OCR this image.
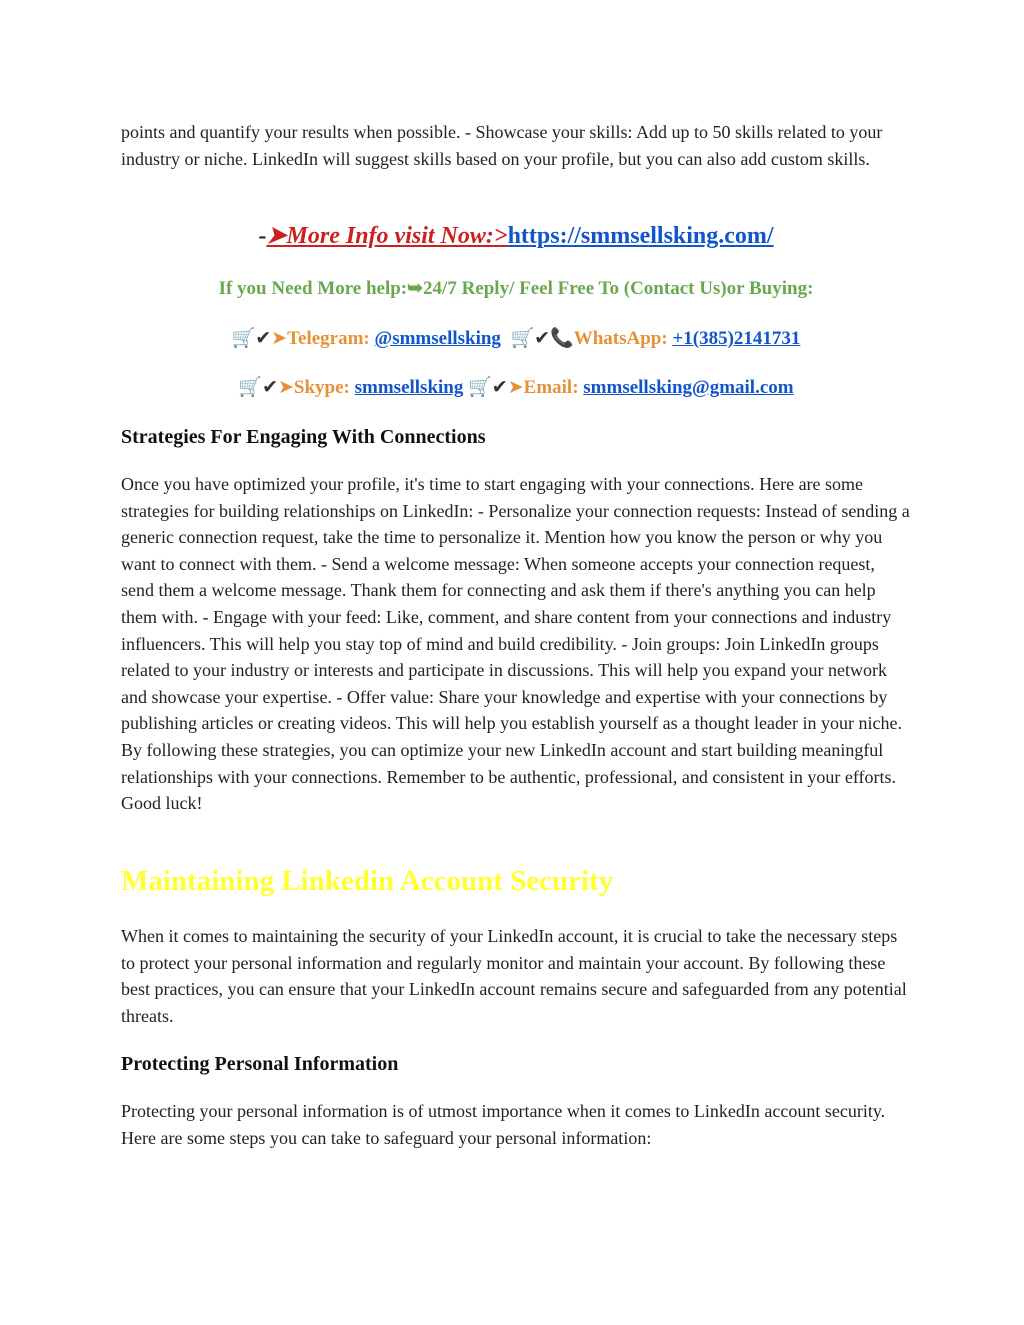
points and quantify your results when possible. - Showcase your skills: Add up to 50 skills related to your industry or niche. LinkedIn will suggest skills based on your profile, but you can also add custom skills.

-➤More Info visit Now:>https://smmsellsking.com/
If you Need More help:➥24/7 Reply/ Feel Free To (Contact Us)or Buying:
🛒✔➤Telegram: @smmsellsking 🛒✔📞WhatsApp: +1(385)2141731
🛒✔➤Skype: smmsellsking 🛒✔➤Email: smmsellsking@gmail.com
Strategies For Engaging With Connections

Once you have optimized your profile, it's time to start engaging with your connections. Here are some strategies for building relationships on LinkedIn: - Personalize your connection requests: Instead of sending a generic connection request, take the time to personalize it. Mention how you know the person or why you want to connect with them. - Send a welcome message: When someone accepts your connection request, send them a welcome message. Thank them for connecting and ask them if there's anything you can help them with. - Engage with your feed: Like, comment, and share content from your connections and industry influencers. This will help you stay top of mind and build credibility. - Join groups: Join LinkedIn groups related to your industry or interests and participate in discussions. This will help you expand your network and showcase your expertise. - Offer value: Share your knowledge and expertise with your connections by publishing articles or creating videos. This will help you establish yourself as a thought leader in your niche. By following these strategies, you can optimize your new LinkedIn account and start building meaningful relationships with your connections. Remember to be authentic, professional, and consistent in your efforts. Good luck!

Maintaining Linkedin Account Security

When it comes to maintaining the security of your LinkedIn account, it is crucial to take the necessary steps to protect your personal information and regularly monitor and maintain your account. By following these best practices, you can ensure that your LinkedIn account remains secure and safeguarded from any potential threats.

Protecting Personal Information

Protecting your personal information is of utmost importance when it comes to LinkedIn account security. Here are some steps you can take to safeguard your personal information:
